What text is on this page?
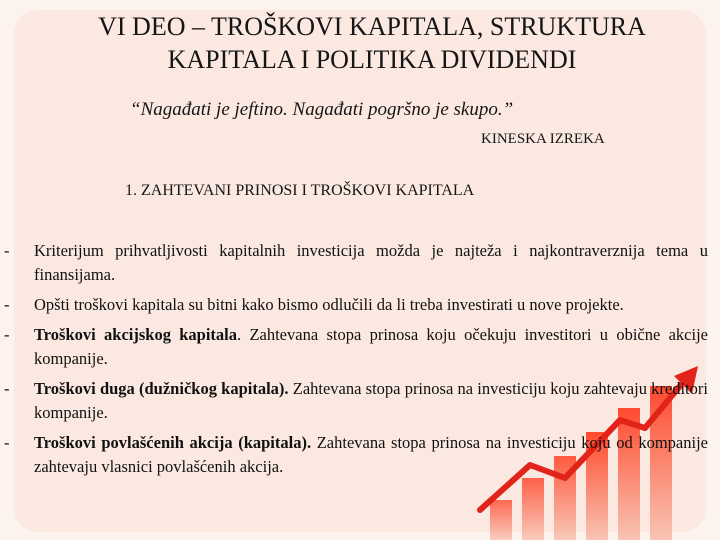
VI DEO – TROŠKOVI KAPITALA, STRUKTURA
KAPITALA I POLITIKA DIVIDENDI
“Nagađati je jeftino. Nagađati pogršno je skupo.”
KINESKA IZREKA
1. ZAHTEVANI PRINOSI I TROŠKOVI KAPITALA
- Kriterijum prihvatljivosti kapitalnih investicija možda je najteža i najkontraverznija tema u finansijama.
- Opšti troškovi kapitala su bitni kako bismo odlučili da li treba investirati u nove projekte.
- Troškovi akcijskog kapitala. Zahtevana stopa prinosa koju očekuju investitori u obične akcije kompanije.
- Troškovi duga (dužničkog kapitala). Zahtevana stopa prinosa na investiciju koju zahtevaju kreditori kompanije.
- Troškovi povlašćenih akcija (kapitala). Zahtevana stopa prinosa na investiciju koju od kompanije zahtevaju vlasnici povlašćenih akcija.
